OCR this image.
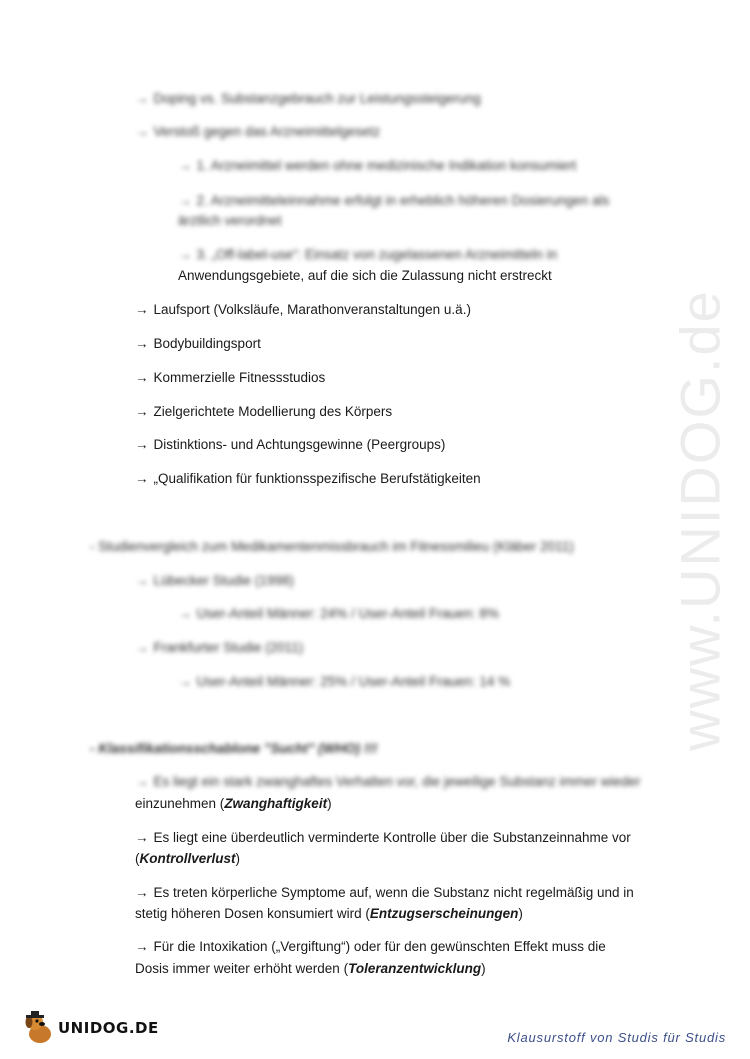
www.UNIDOG.de
→ Doping vs. Substanzgebrauch zur Leistungssteigerung
→ Verstoß gegen das Arzneimittelgesetz
→ 1. Arzneimittel werden ohne medizinische Indikation konsumiert
→ 2. Arzneimitteleinnahme erfolgt in erheblich höheren Dosierungen als
ärztlich verordnet
→ 3. „Off-label-use“: Einsatz von zugelassenen Arzneimitteln in
Anwendungsgebiete, auf die sich die Zulassung nicht erstreckt
→ Laufsport (Volksläufe, Marathonveranstaltungen u.ä.)
→ Bodybuildingsport
→ Kommerzielle Fitnessstudios
→ Zielgerichtete Modellierung des Körpers
→ Distinktions- und Achtungsgewinne (Peergroups)
→ „Qualifikation für funktionsspezifische Berufstätigkeiten
- Studienvergleich zum Medikamentenmissbrauch im Fitnessmilieu (Kläber 2011)
→ Lübecker Studie (1998)
→ User-Anteil Männer: 24% / User-Anteil Frauen: 8%
→ Frankfurter Studie (2011)
→ User-Anteil Männer: 25% / User-Anteil Frauen: 14 %
- Klassifikationsschablone "Sucht" (WHO) !!!
→ Es liegt ein stark zwanghaftes Verhalten vor, die jeweilige Substanz immer wieder
einzunehmen (Zwanghaftigkeit)
→ Es liegt eine überdeutlich verminderte Kontrolle über die Substanzeinnahme vor
(Kontrollverlust)
→ Es treten körperliche Symptome auf, wenn die Substanz nicht regelmäßig und in
stetig höheren Dosen konsumiert wird (Entzugserscheinungen)
→ Für die Intoxikation („Vergiftung“) oder für den gewünschten Effekt muss die
Dosis immer weiter erhöht werden (Toleranzentwicklung)
UNIDOG.DE
Klausurstoff von Studis für Studis
